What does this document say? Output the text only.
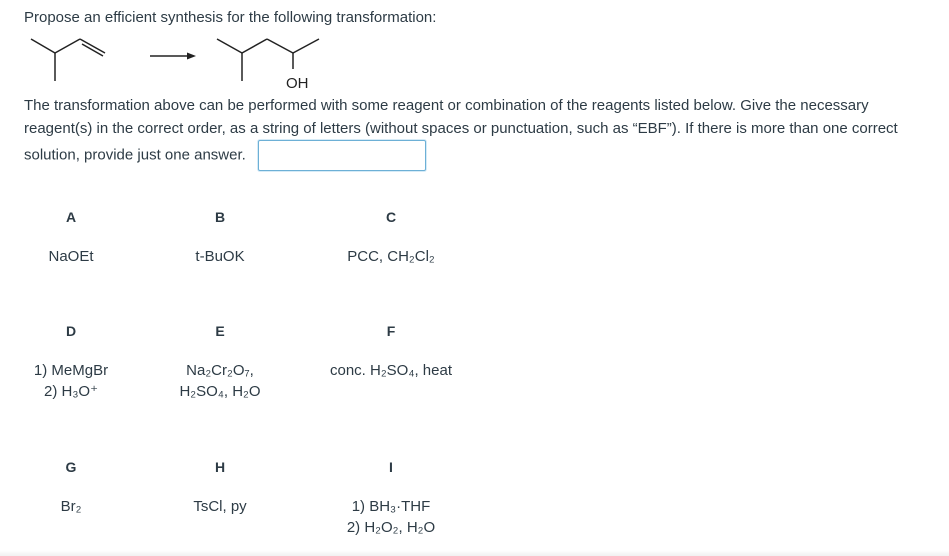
Propose an efficient synthesis for the following transformation:
OH
The transformation above can be performed with some reagent or combination of the reagents listed below. Give the necessary reagent(s) in the correct order, as a string of letters (without spaces or punctuation, such as “EBF”). If there is more than one correct solution, provide just one answer.
A
NaOEt
B
t-BuOK
C
PCC, CH₂Cl₂
D
1) MeMgBr
2) H₃O⁺
E
Na₂Cr₂O₇,
H₂SO₄, H₂O
F
conc. H₂SO₄, heat
G
Br₂
H
TsCl, py
I
1) BH₃·THF
2) H₂O₂, H₂O
